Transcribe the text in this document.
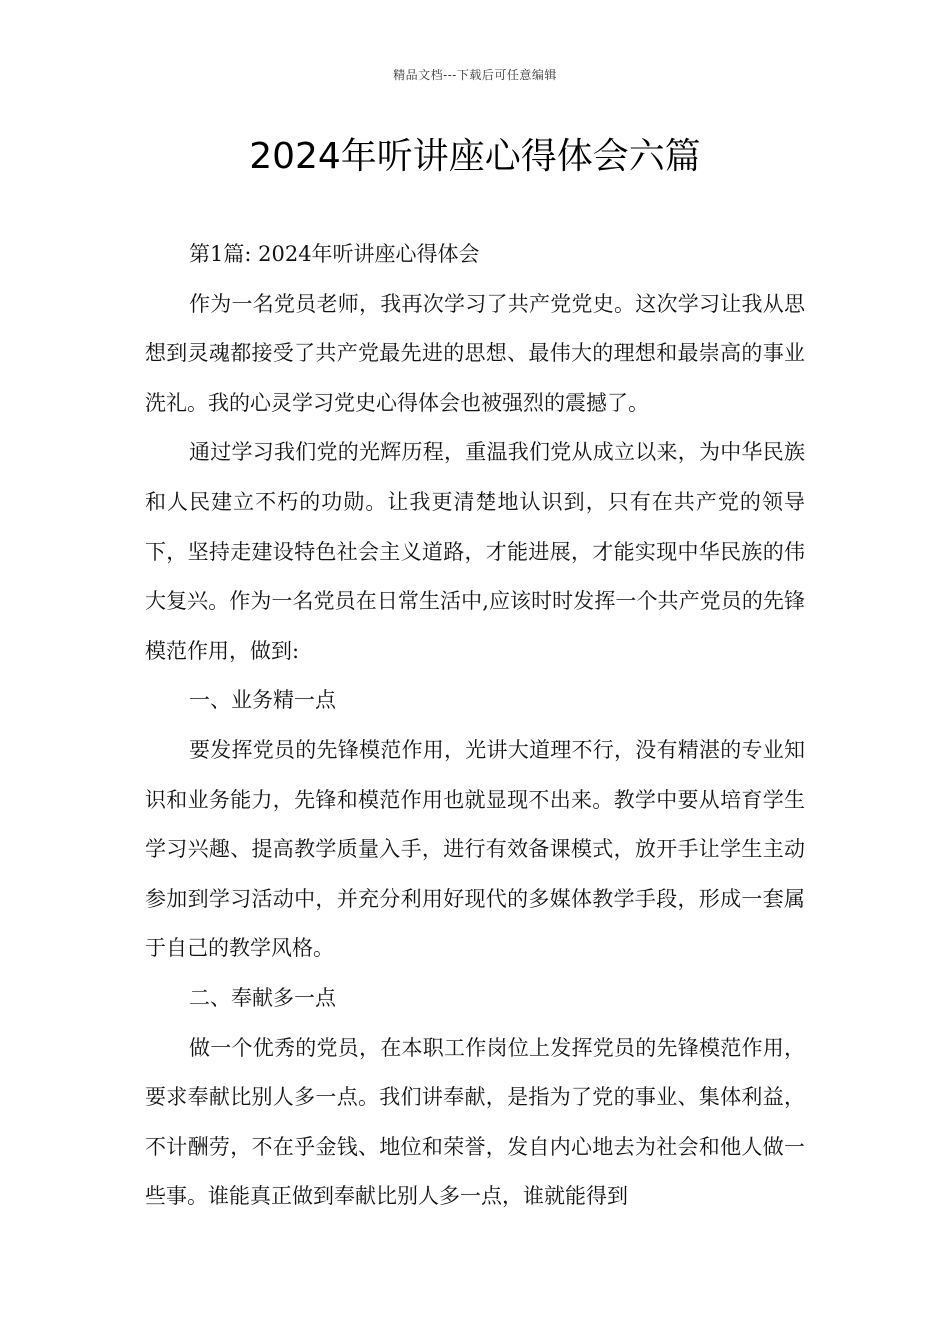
精品文档---下载后可任意编辑
2024年听讲座心得体会六篇

第1篇: 2024年听讲座心得体会

作为一名党员老师，我再次学习了共产党党史。这次学习让我从思想到灵魂都接受了共产党最先进的思想、最伟大的理想和最崇高的事业洗礼。我的心灵学习党史心得体会也被强烈的震撼了。

通过学习我们党的光辉历程，重温我们党从成立以来，为中华民族和人民建立不朽的功勋。让我更清楚地认识到，只有在共产党的领导下，坚持走建设特色社会主义道路，才能进展，才能实现中华民族的伟大复兴。作为一名党员在日常生活中,应该时时发挥一个共产党员的先锋模范作用，做到:

一、业务精一点

要发挥党员的先锋模范作用，光讲大道理不行，没有精湛的专业知识和业务能力，先锋和模范作用也就显现不出来。教学中要从培育学生学习兴趣、提高教学质量入手，进行有效备课模式，放开手让学生主动参加到学习活动中，并充分利用好现代的多媒体教学手段，形成一套属于自己的教学风格。

二、奉献多一点

做一个优秀的党员，在本职工作岗位上发挥党员的先锋模范作用，要求奉献比别人多一点。我们讲奉献，是指为了党的事业、集体利益，不计酬劳，不在乎金钱、地位和荣誉，发自内心地去为社会和他人做一些事。谁能真正做到奉献比别人多一点，谁就能得到
